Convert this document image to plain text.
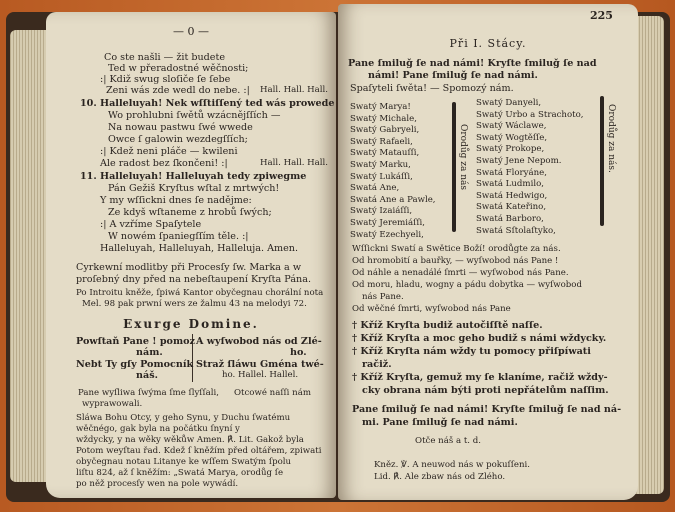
— 0 —
Co ste našli — žit budete
Ted w přeradostné wěčnosti;
:| Kdiž swug sloſiče ſe ſebe
Zeni wás zde wedl do nebe. :| Hall. Hall. Hall.
10. Halleluyah! Nek wſſtiſſený ted wás prowede
Wo prohlubni ſwětů wzácnějſſích —
Na nowau pastwu ſwé wwede
Owce ſ galowin wezdegſſích;
:| Kdež neni pláče — kwileni
Ale radost bez ſkončeni! :|	Hall. Hall. Hall.
11. Halleluyah! Halleluyah tedy zpiwegme
Pán Gežiš Kryſtus wſtal z mrtwých!
Y my wſſickni dnes ſe nadějme:
Ze kdyš wſtaneme z hrobů ſwých;
:| A vzříme Spaſytele
W nowém ſpaniegſſím těle. :|
Halleluyah, Halleluyah, Halleluja. Amen.
Cyrkewní modlitby při Procesſy ſw. Marka a w
proſebný dny před na nebeſtaupení Kryſta Pána.
Po Introitu kněže, ſpiwá Kantor obyčegnau chorální nota
Mel. 98 pak prwní wers ze žalmu 43 na melodyi 72.
Exurge Domine.
Powſtaň Pane ! pomoz
nám.
Nebt Ty gſy Pomocník
náš.
A wyſwobod nás od Zlé-
ho.
Straž ſláwu Gména twé-
ho. Hallel. Hallel.
Pane wyſliwa ſwýma ſme ſlyſſali, Otcowé naſſi nám
wyprawowali.
Sláwa Bohu Otcy, y geho Synu, y Duchu ſwatému
wěčnégo, gak byla na počátku ſnyní y
wždycky, y na wěky wěkůw Amen. ℟. Lit. Gakož byla
Potom weyſtau řad. Kdež ſ kněžím před oltářem, zpiwati
obyčegnau notau Litanye ke wſſem Swatým ſpolu
liſtu 824, až ſ kněžím: „Swatá Marya, orodůg ſe
po něž procesſy wen na pole wywádí.
225
Při I. Stácy.
Pane ſmiluǧ ſe nad námi! Kryſte ſmiluǧ ſe nad
námi! Pane ſmiluǧ ſe nad námi.
Spaſyteli ſwěta! — Spomozý nám.
Swatý Marya!
Swatý Michale,
Swatý Gabryeli,
Swatý Rafaeli,
Swatý Matauſſi,
Swatý Marku,
Swatý Lukáſſi,
Swatá Ane,
Swatá Ane a Pawle,
Swatý Izaiáſſi,
Swatý Jeremiáſſi,
Swatý Ezechyeli,
Swatý Danyeli,
Swatý Urbo a Strachoto,
Swatý Wáclawe,
Swatý Wogtěſſe,
Swatý Prokope,
Swatý Jene Nepom.
Swatá Floryáne,
Swatá Ludmilo,
Swatá Hedwigo,
Swatá Kateřino,
Swatá Barboro,
Swatá Sſtolaſtyko,
Orodůg za nás	Orodůg za nás.
Wſſickni Swatí a Swětice Boží! orodůgte za nás.
Od hromobití a bauřky, — wyſwobod nás Pane !
Od náhle a nenadálé ſmrti — wyſwobod nás Pane.
Od moru, hladu, wogny a pádu dobytka — wyſwobod
nás Pane.
Od wěčné ſmrti, wyſwobod nás Pane
† Kříž Kryſta budiž autočiſſtě naſſe.
† Kříž Kryſta a moc geho budiž s námi wždycky.
† Kříž Kryſta nám wždy tu pomocy přiſpíwati
račiž.
† Kříž Kryſta, gemuž my ſe klaníme, račiž wždy-
cky obrana nám býti proti nepřátelům naſſim.
Pane ſmiluǧ ſe nad námi! Kryſte ſmiluǧ ſe nad ná-
mi. Pane ſmiluǧ ſe nad námi.
Otče náš a t. d.
Kněz. ℣. A neuwod nás w pokuſſeni.
Lid. ℟. Ale zbaw nás od Zlého.
